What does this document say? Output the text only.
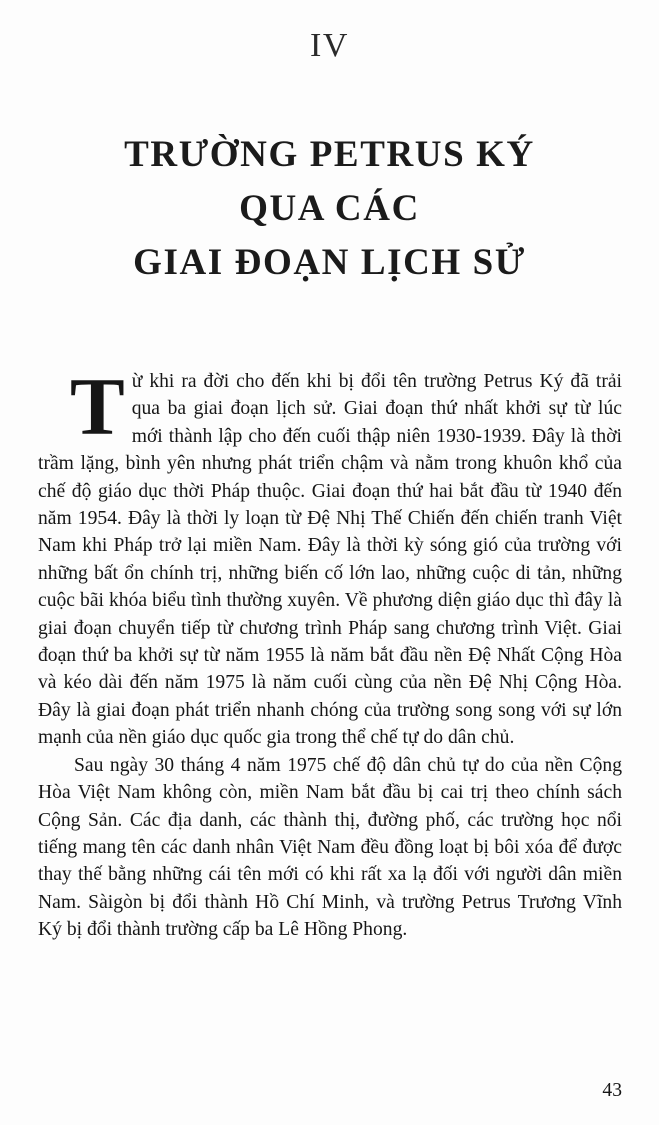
IV
TRƯỜNG PETRUS KÝ
QUA CÁC
GIAI ĐOẠN LỊCH SỬ

Từ khi ra đời cho đến khi bị đổi tên trường Petrus Ký đã trải qua ba giai đoạn lịch sử. Giai đoạn thứ nhất khởi sự từ lúc mới thành lập cho đến cuối thập niên 1930-1939. Đây là thời trầm lặng, bình yên nhưng phát triển chậm và nằm trong khuôn khổ của chế độ giáo dục thời Pháp thuộc. Giai đoạn thứ hai bắt đầu từ 1940 đến năm 1954. Đây là thời ly loạn từ Đệ Nhị Thế Chiến đến chiến tranh Việt Nam khi Pháp trở lại miền Nam. Đây là thời kỳ sóng gió của trường với những bất ổn chính trị, những biến cố lớn lao, những cuộc di tản, những cuộc bãi khóa biểu tình thường xuyên. Về phương diện giáo dục thì đây là giai đoạn chuyển tiếp từ chương trình Pháp sang chương trình Việt. Giai đoạn thứ ba khởi sự từ năm 1955 là năm bắt đầu nền Đệ Nhất Cộng Hòa và kéo dài đến năm 1975 là năm cuối cùng của nền Đệ Nhị Cộng Hòa. Đây là giai đoạn phát triển nhanh chóng của trường song song với sự lớn mạnh của nền giáo dục quốc gia trong thể chế tự do dân chủ.

Sau ngày 30 tháng 4 năm 1975 chế độ dân chủ tự do của nền Cộng Hòa Việt Nam không còn, miền Nam bắt đầu bị cai trị theo chính sách Cộng Sản. Các địa danh, các thành thị, đường phố, các trường học nổi tiếng mang tên các danh nhân Việt Nam đều đồng loạt bị bôi xóa để được thay thế bằng những cái tên mới có khi rất xa lạ đối với người dân miền Nam. Sàigòn bị đổi thành Hồ Chí Minh, và trường Petrus Trương Vĩnh Ký bị đổi thành trường cấp ba Lê Hồng Phong.

43
